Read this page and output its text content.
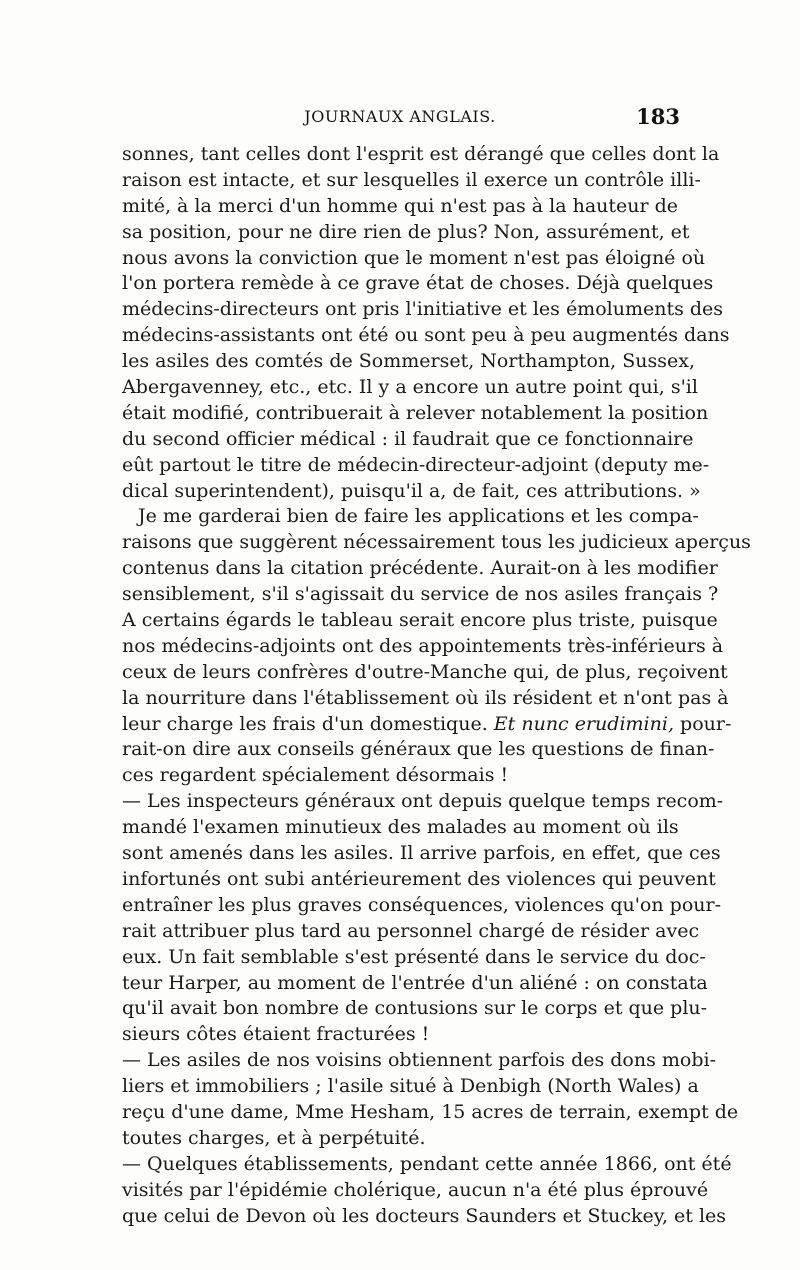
JOURNAUX ANGLAIS.	183
sonnes, tant celles dont l'esprit est dérangé que celles dont la
raison est intacte, et sur lesquelles il exerce un contrôle illi-
mité, à la merci d'un homme qui n'est pas à la hauteur de
sa position, pour ne dire rien de plus? Non, assurément, et
nous avons la conviction que le moment n'est pas éloigné où
l'on portera remède à ce grave état de choses. Déjà quelques
médecins-directeurs ont pris l'initiative et les émoluments des
médecins-assistants ont été ou sont peu à peu augmentés dans
les asiles des comtés de Sommerset, Northampton, Sussex,
Abergavenney, etc., etc. Il y a encore un autre point qui, s'il
était modifié, contribuerait à relever notablement la position
du second officier médical : il faudrait que ce fonctionnaire
eût partout le titre de médecin-directeur-adjoint (deputy me-
dical superintendent), puisqu'il a, de fait, ces attributions. »
Je me garderai bien de faire les applications et les compa-
raisons que suggèrent nécessairement tous les judicieux aperçus
contenus dans la citation précédente. Aurait-on à les modifier
sensiblement, s'il s'agissait du service de nos asiles français ?
A certains égards le tableau serait encore plus triste, puisque
nos médecins-adjoints ont des appointements très-inférieurs à
ceux de leurs confrères d'outre-Manche qui, de plus, reçoivent
la nourriture dans l'établissement où ils résident et n'ont pas à
leur charge les frais d'un domestique. Et nunc erudimini, pour-
rait-on dire aux conseils généraux que les questions de finan-
ces regardent spécialement désormais !
— Les inspecteurs généraux ont depuis quelque temps recom-
mandé l'examen minutieux des malades au moment où ils
sont amenés dans les asiles. Il arrive parfois, en effet, que ces
infortunés ont subi antérieurement des violences qui peuvent
entraîner les plus graves conséquences, violences qu'on pour-
rait attribuer plus tard au personnel chargé de résider avec
eux. Un fait semblable s'est présenté dans le service du doc-
teur Harper, au moment de l'entrée d'un aliéné : on constata
qu'il avait bon nombre de contusions sur le corps et que plu-
sieurs côtes étaient fracturées !
— Les asiles de nos voisins obtiennent parfois des dons mobi-
liers et immobiliers ; l'asile situé à Denbigh (North Wales) a
reçu d'une dame, Mme Hesham, 15 acres de terrain, exempt de
toutes charges, et à perpétuité.
— Quelques établissements, pendant cette année 1866, ont été
visités par l'épidémie cholérique, aucun n'a été plus éprouvé
que celui de Devon où les docteurs Saunders et Stuckey, et les
